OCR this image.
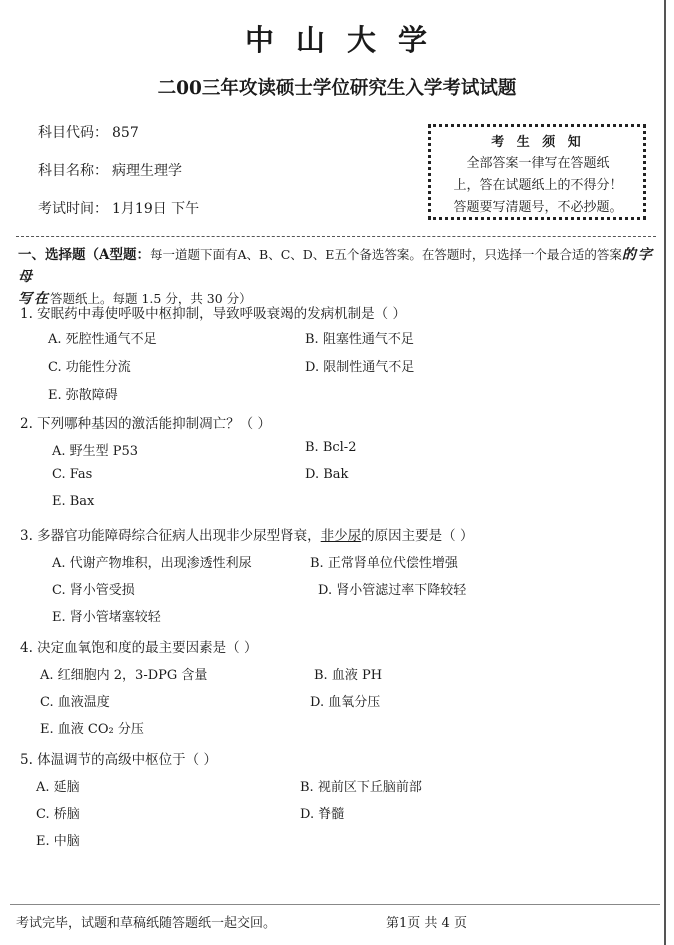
中山大学
二00三年攻读硕士学位研究生入学考试试题
科目代码： 857
科目名称： 病理生理学
考试时间： 1月19日 下午
考 生 须 知
全部答案一律写在答题纸
上，答在试题纸上的不得分！
答题要写清题号，不必抄题。
一、选择题（A型题：每一道题下面有A、B、C、D、E五个备选答案。在答题时，只选择一个最合适的答案的字母
写在答题纸上。每题 1.5 分，共 30 分）
1. 安眠药中毒使呼吸中枢抑制，导致呼吸衰竭的发病机制是（ ）
A. 死腔性通气不足	B. 阻塞性通气不足
C. 功能性分流	D. 限制性通气不足
E. 弥散障碍
2. 下列哪种基因的激活能抑制凋亡？（ ）
A. 野生型 P53	B. Bcl-2
C. Fas	D. Bak
E. Bax
3. 多器官功能障碍综合征病人出现非少尿型肾衰，非少尿的原因主要是（ ）
A. 代谢产物堆积，出现渗透性利尿	B. 正常肾单位代偿性增强
C. 肾小管受损	D. 肾小管滤过率下降较轻
E. 肾小管堵塞较轻
4. 决定血氧饱和度的最主要因素是（ ）
A. 红细胞内 2，3-DPG 含量	B. 血液 PH
C. 血液温度	D. 血氧分压
E. 血液 CO₂ 分压
5. 体温调节的高级中枢位于（ ）
A. 延脑	B. 视前区下丘脑前部
C. 桥脑	D. 脊髓
E. 中脑
考试完毕，试题和草稿纸随答题纸一起交回。	第1页 共 4 页
